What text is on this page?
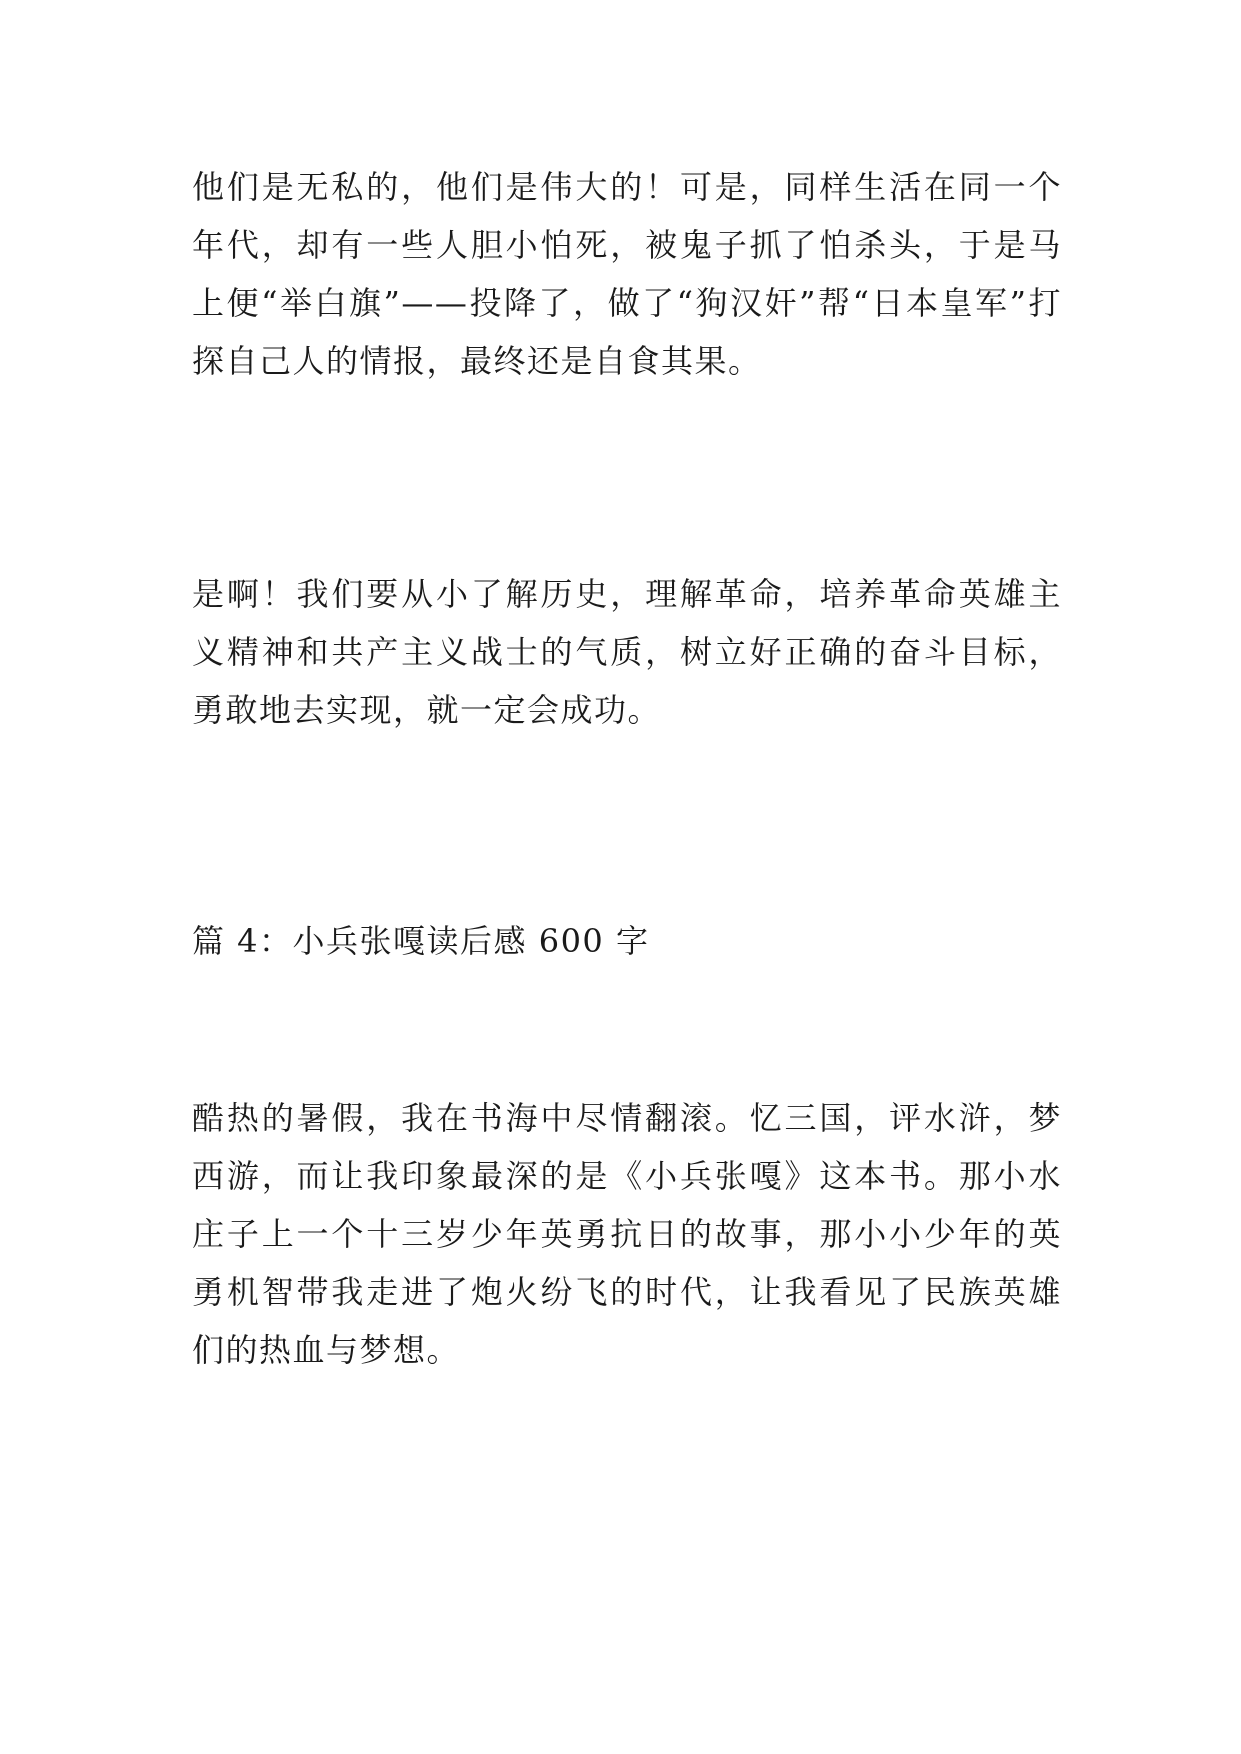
他们是无私的，他们是伟大的！可是，同样生活在同一个年代，却有一些人胆小怕死，被鬼子抓了怕杀头，于是马上便“举白旗”——投降了，做了“狗汉奸”帮“日本皇军”打探自己人的情报，最终还是自食其果。

是啊！我们要从小了解历史，理解革命，培养革命英雄主义精神和共产主义战士的气质，树立好正确的奋斗目标，勇敢地去实现，就一定会成功。

篇 4：小兵张嘎读后感 600 字

酷热的暑假，我在书海中尽情翻滚。忆三国，评水浒，梦西游，而让我印象最深的是《小兵张嘎》这本书。那小水庄子上一个十三岁少年英勇抗日的故事，那小小少年的英勇机智带我走进了炮火纷飞的时代，让我看见了民族英雄们的热血与梦想。
